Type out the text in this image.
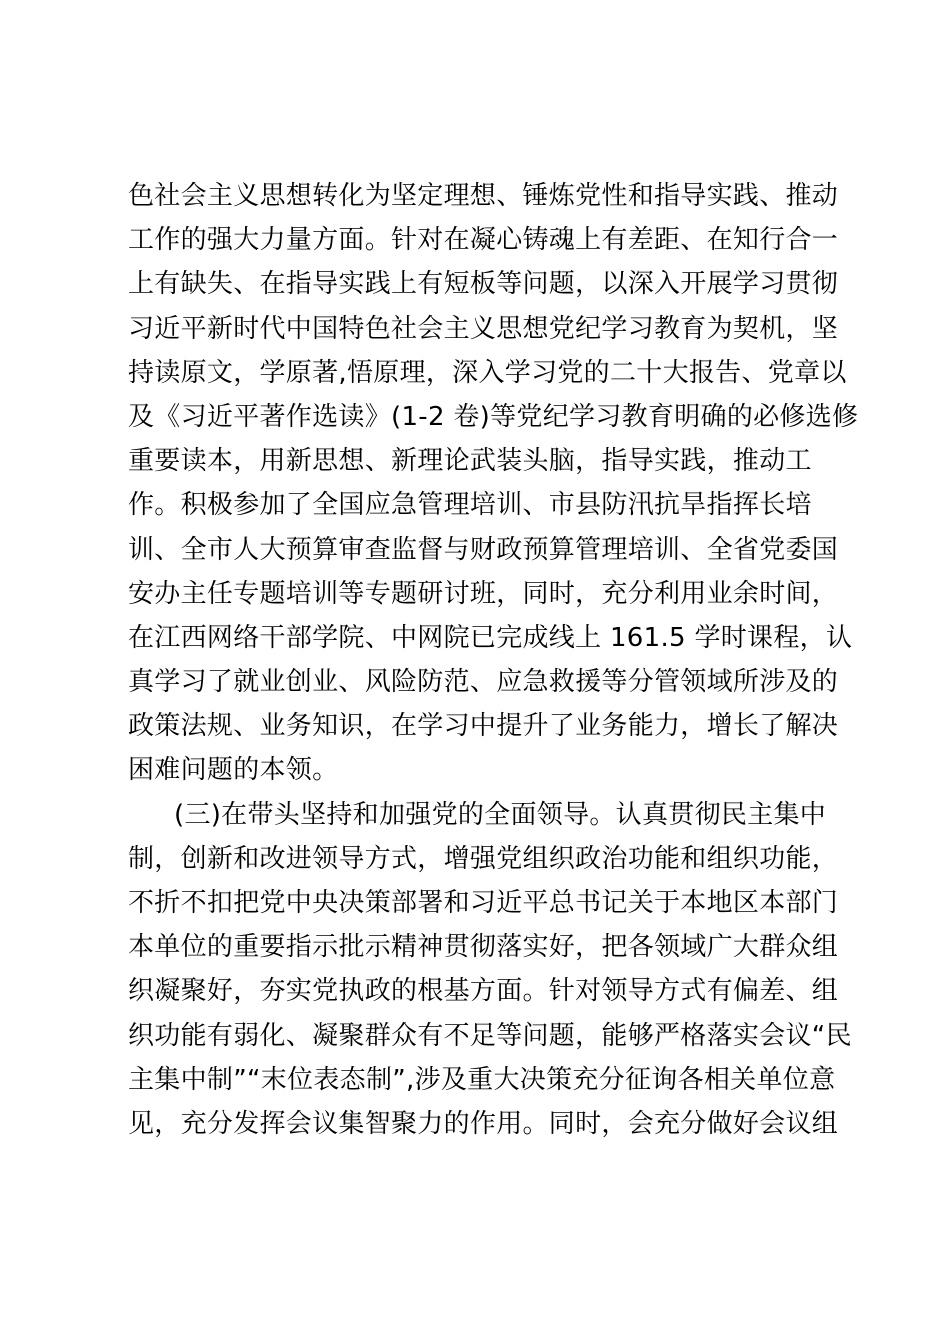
色社会主义思想转化为坚定理想、锤炼党性和指导实践、推动
工作的强大力量方面。针对在凝心铸魂上有差距、在知行合一
上有缺失、在指导实践上有短板等问题，以深入开展学习贯彻
习近平新时代中国特色社会主义思想党纪学习教育为契机，坚
持读原文，学原著,悟原理，深入学习党的二十大报告、党章以
及《习近平著作选读》(1-2 卷)等党纪学习教育明确的必修选修
重要读本，用新思想、新理论武装头脑，指导实践，推动工
作。积极参加了全国应急管理培训、市县防汛抗旱指挥长培
训、全市人大预算审查监督与财政预算管理培训、全省党委国
安办主任专题培训等专题研讨班，同时，充分利用业余时间，
在江西网络干部学院、中网院已完成线上 161.5 学时课程，认
真学习了就业创业、风险防范、应急救援等分管领域所涉及的
政策法规、业务知识，在学习中提升了业务能力，增长了解决
困难问题的本领。
(三)在带头坚持和加强党的全面领导。认真贯彻民主集中
制，创新和改进领导方式，增强党组织政治功能和组织功能，
不折不扣把党中央决策部署和习近平总书记关于本地区本部门
本单位的重要指示批示精神贯彻落实好，把各领域广大群众组
织凝聚好，夯实党执政的根基方面。针对领导方式有偏差、组
织功能有弱化、凝聚群众有不足等问题，能够严格落实会议“民
主集中制”“末位表态制”,涉及重大决策充分征询各相关单位意
见，充分发挥会议集智聚力的作用。同时，会充分做好会议组
